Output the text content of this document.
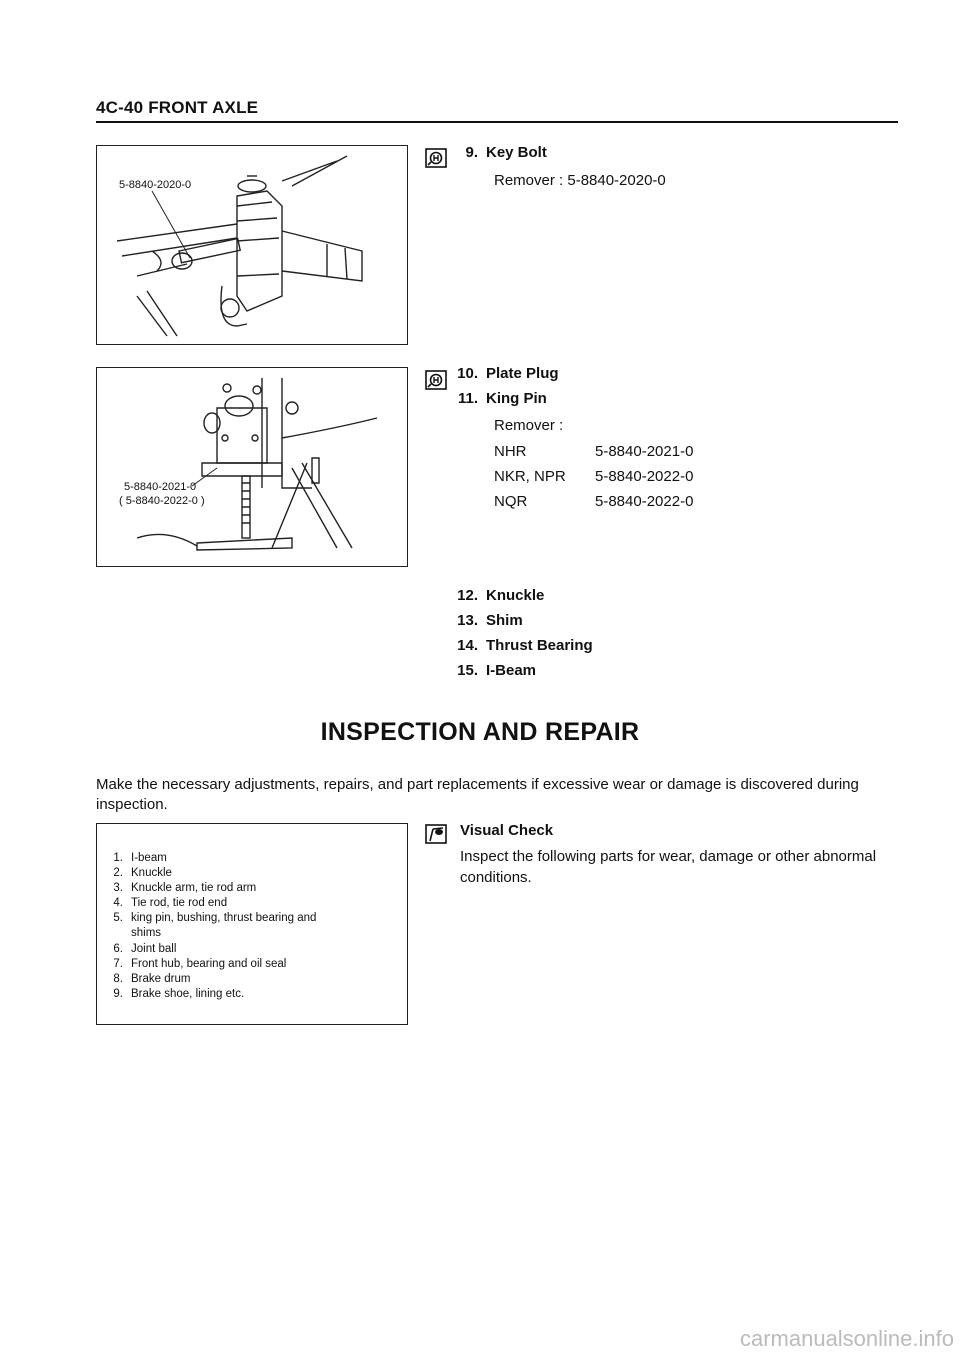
4C-40 FRONT AXLE
5-8840-2020-0
5-8840-2021-0
( 5-8840-2022-0 )
9. Key Bolt
Remover : 5-8840-2020-0
10. Plate Plug
11. King Pin
Remover :
NHR	5-8840-2021-0
NKR, NPR 5-8840-2022-0
NQR	5-8840-2022-0
12. Knuckle
13. Shim
14. Thrust Bearing
15. I-Beam
INSPECTION AND REPAIR
Make the necessary adjustments, repairs, and part replacements if excessive wear or damage is discovered during inspection.
1. I-beam
2. Knuckle
3. Knuckle arm, tie rod arm
4. Tie rod, tie rod end
5. king pin, bushing, thrust bearing and
shims
6. Joint ball
7. Front hub, bearing and oil seal
8. Brake drum
9. Brake shoe, lining etc.
Visual Check
Inspect the following parts for wear, damage or other abnormal conditions.
carmanualsonline.info
